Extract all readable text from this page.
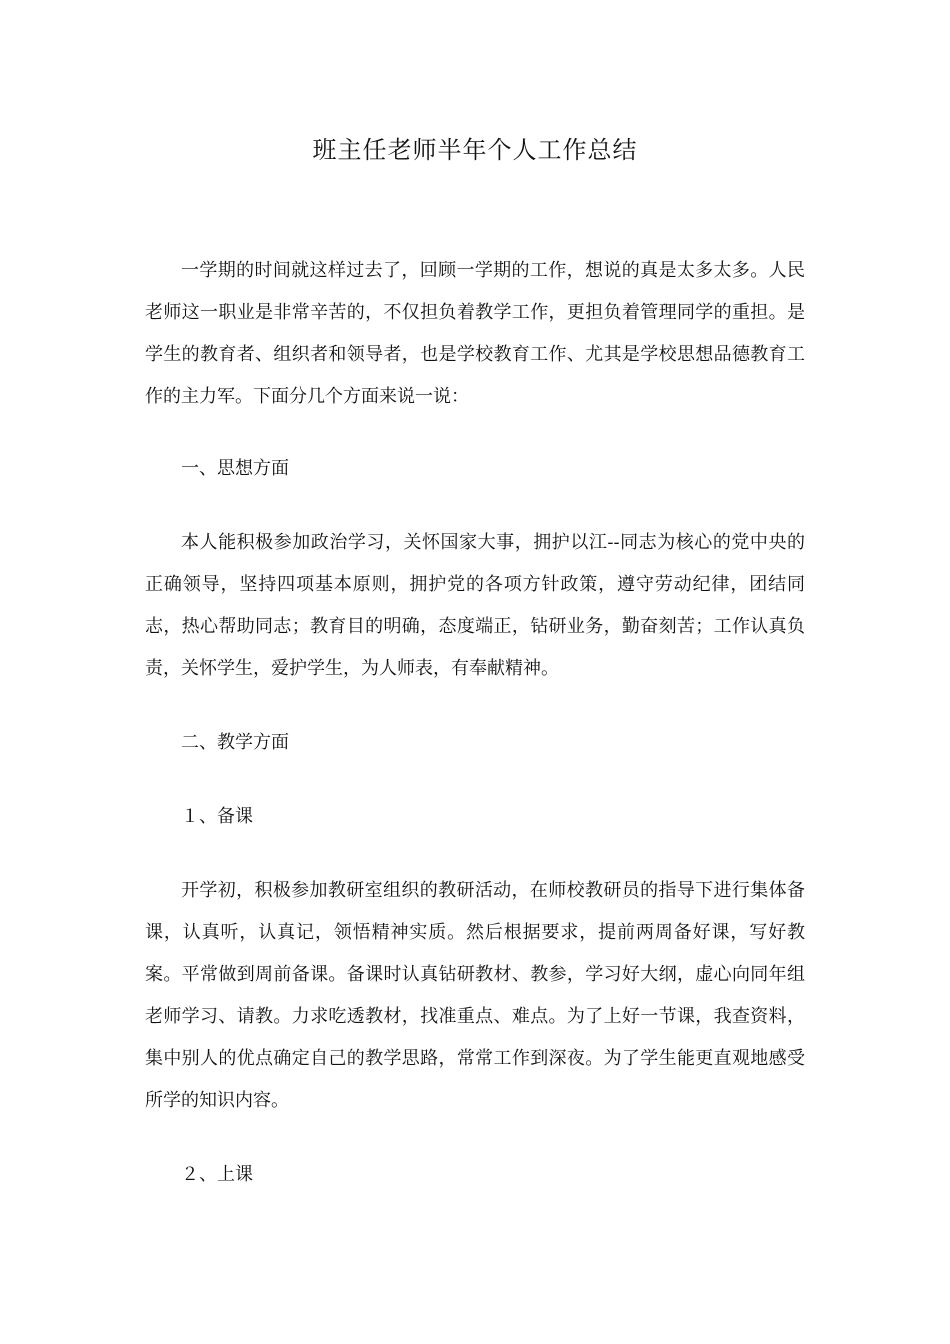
班主任老师半年个人工作总结

一学期的时间就这样过去了，回顾一学期的工作，想说的真是太多太多。人民老师这一职业是非常辛苦的，不仅担负着教学工作，更担负着管理同学的重担。是学生的教育者、组织者和领导者，也是学校教育工作、尤其是学校思想品德教育工作的主力军。下面分几个方面来说一说：

一、思想方面

本人能积极参加政治学习，关怀国家大事，拥护以江--同志为核心的党中央的正确领导，坚持四项基本原则，拥护党的各项方针政策，遵守劳动纪律，团结同志，热心帮助同志；教育目的明确，态度端正，钻研业务，勤奋刻苦；工作认真负责，关怀学生，爱护学生，为人师表，有奉献精神。

二、教学方面

１、备课

开学初，积极参加教研室组织的教研活动，在师校教研员的指导下进行集体备课，认真听，认真记，领悟精神实质。然后根据要求，提前两周备好课，写好教案。平常做到周前备课。备课时认真钻研教材、教参，学习好大纲，虚心向同年组老师学习、请教。力求吃透教材，找准重点、难点。为了上好一节课，我查资料，集中别人的优点确定自己的教学思路，常常工作到深夜。为了学生能更直观地感受所学的知识内容。

２、上课
